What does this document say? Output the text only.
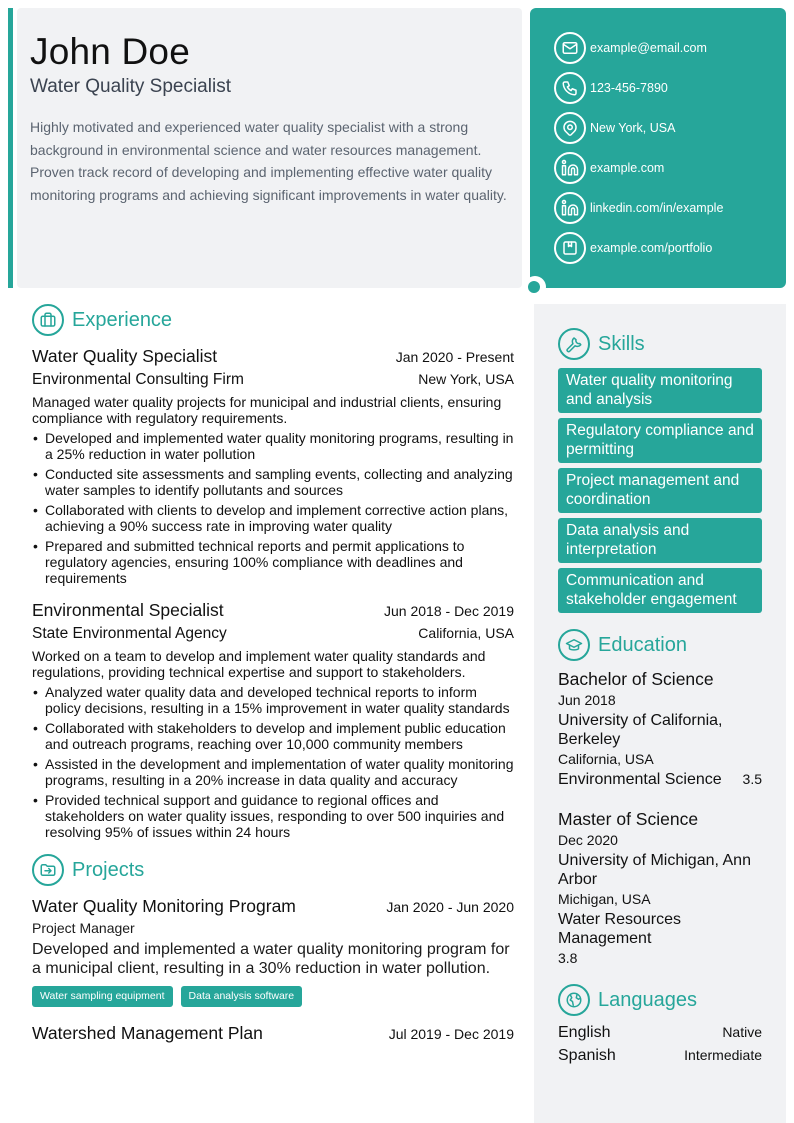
John Doe
Water Quality Specialist
Highly motivated and experienced water quality specialist with a strong background in environmental science and water resources management. Proven track record of developing and implementing effective water quality monitoring programs and achieving significant improvements in water quality.
example@email.com
123-456-7890
New York, USA
example.com
linkedin.com/in/example
example.com/portfolio
Experience
Water Quality Specialist	Jan 2020 - Present
Environmental Consulting Firm	New York, USA
Managed water quality projects for municipal and industrial clients, ensuring compliance with regulatory requirements.
• Developed and implemented water quality monitoring programs, resulting in a 25% reduction in water pollution
• Conducted site assessments and sampling events, collecting and analyzing water samples to identify pollutants and sources
• Collaborated with clients to develop and implement corrective action plans, achieving a 90% success rate in improving water quality
• Prepared and submitted technical reports and permit applications to regulatory agencies, ensuring 100% compliance with deadlines and requirements
Environmental Specialist	Jun 2018 - Dec 2019
State Environmental Agency	California, USA
Worked on a team to develop and implement water quality standards and regulations, providing technical expertise and support to stakeholders.
• Analyzed water quality data and developed technical reports to inform policy decisions, resulting in a 15% improvement in water quality standards
• Collaborated with stakeholders to develop and implement public education and outreach programs, reaching over 10,000 community members
• Assisted in the development and implementation of water quality monitoring programs, resulting in a 20% increase in data quality and accuracy
• Provided technical support and guidance to regional offices and stakeholders on water quality issues, responding to over 500 inquiries and resolving 95% of issues within 24 hours
Projects
Water Quality Monitoring Program	Jan 2020 - Jun 2020
Project Manager
Developed and implemented a water quality monitoring program for a municipal client, resulting in a 30% reduction in water pollution.
Water sampling equipment	Data analysis software
Watershed Management Plan	Jul 2019 - Dec 2019
Skills
Water quality monitoring and analysis
Regulatory compliance and permitting
Project management and coordination
Data analysis and interpretation
Communication and stakeholder engagement
Education
Bachelor of Science
Jun 2018
University of California, Berkeley
California, USA
Environmental Science 3.5
Master of Science
Dec 2020
University of Michigan, Ann Arbor
Michigan, USA
Water Resources Management
3.8
Languages
English	Native
Spanish	Intermediate
